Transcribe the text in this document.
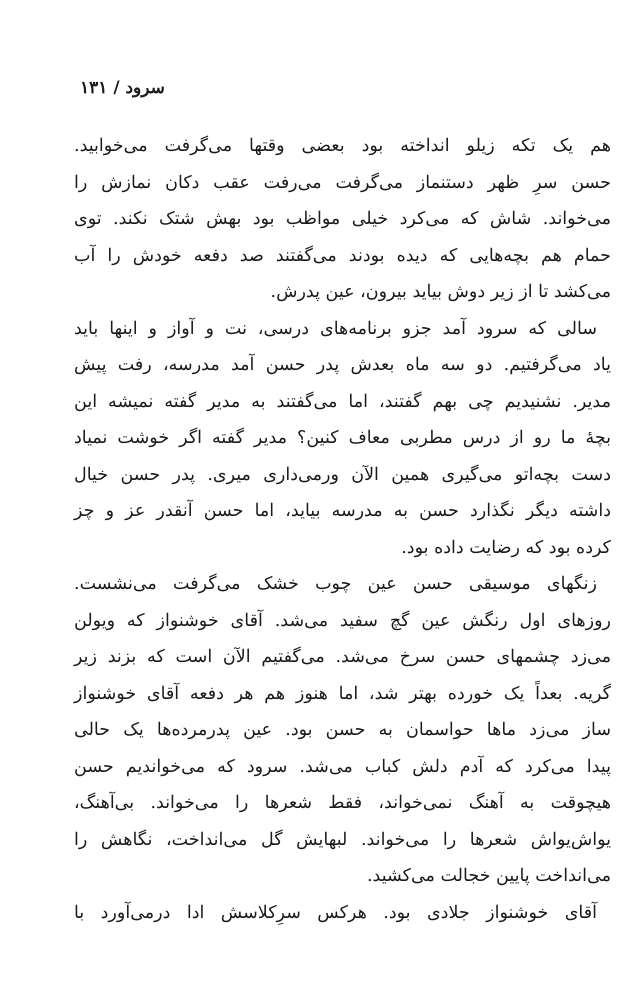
سرود / ۱۳۱
هم یک تکه زیلو انداخته بود بعضی وقتها می‌گرفت می‌خوابید.
حسن سرِ ظهر دستنماز می‌گرفت می‌رفت عقب دکان نمازش را
می‌خواند. شاش که می‌کرد خیلی مواظب بود بهش شتک نکند. توی
حمام هم بچه‌هایی که دیده بودند می‌گفتند صد دفعه خودش را آب
می‌کشد تا از زیر دوش بیاید بیرون، عین پدرش.
سالی که سرود آمد جزو برنامه‌های درسی، نت و آواز و اینها باید
یاد می‌گرفتیم. دو سه ماه بعدش پدر حسن آمد مدرسه، رفت پیش
مدیر. نشنیدیم چی بهم گفتند، اما می‌گفتند به مدیر گفته نمیشه این
بچهٔ ما رو از درس مطربی معاف کنین؟ مدیر گفته اگر خوشت نمیاد
دست بچه‌اتو می‌گیری همین الآن ورمی‌داری میری. پدر حسن خیال
داشته دیگر نگذارد حسن به مدرسه بیاید، اما حسن آنقدر عز و چز
کرده بود که رضایت داده بود.
زنگهای موسیقی حسن عین چوب خشک می‌گرفت می‌نشست.
روزهای اول رنگش عین گچ سفید می‌شد. آقای خوشنواز که ویولن
می‌زد چشمهای حسن سرخ می‌شد. می‌گفتیم الآن است که بزند زیر
گریه. بعداً یک خورده بهتر شد، اما هنوز هم هر دفعه آقای خوشنواز
ساز می‌زد ماها حواسمان به حسن بود. عین پدرمرده‌ها یک حالی
پیدا می‌کرد که آدم دلش کباب می‌شد. سرود که می‌خواندیم حسن
هیچوقت به آهنگ نمی‌خواند، فقط شعرها را می‌خواند. بی‌آهنگ،
یواش‌یواش شعرها را می‌خواند. لبهایش گل می‌انداخت، نگاهش را
می‌انداخت پایین خجالت می‌کشید.
آقای خوشنواز جلادی بود. هرکس سرِکلاسش ادا درمی‌آورد با
